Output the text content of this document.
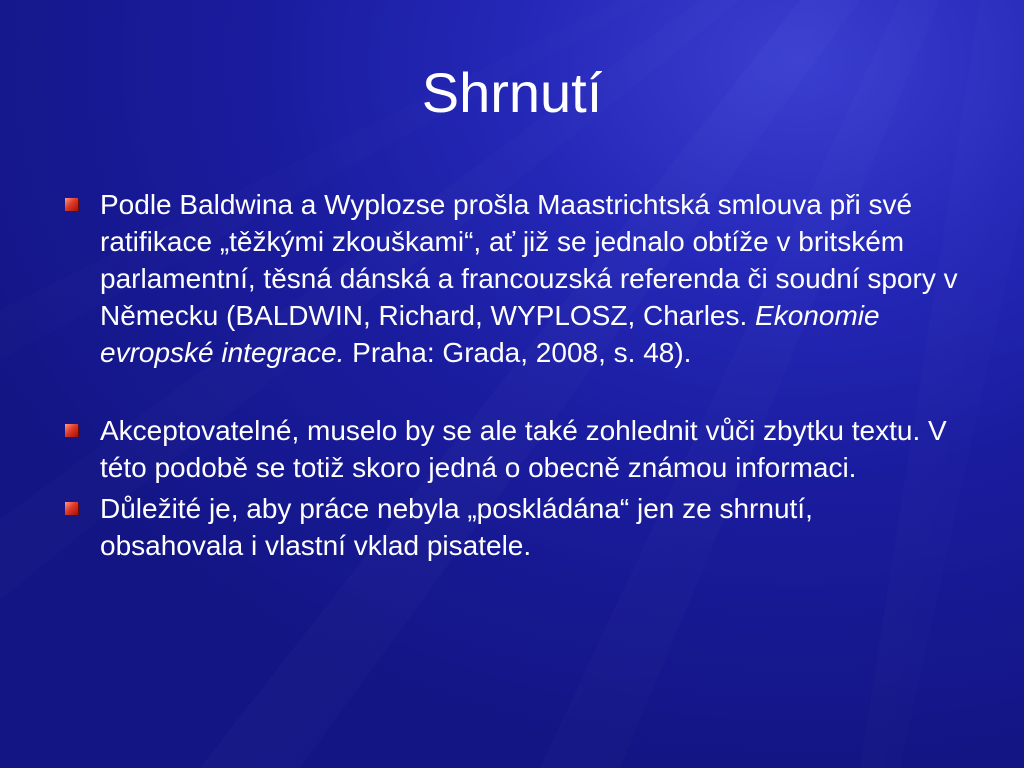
Shrnutí
Podle Baldwina a Wyplozse prošla Maastrichtská smlouva při své ratifikace „těžkými zkouškami“, ať již se jednalo obtíže v britském parlamentní, těsná dánská a francouzská referenda či soudní spory v Německu (BALDWIN, Richard, WYPLOSZ, Charles. Ekonomie evropské integrace. Praha: Grada, 2008, s. 48).
Akceptovatelné, muselo by se ale také zohlednit vůči zbytku textu. V této podobě se totiž skoro jedná o obecně známou informaci.
Důležité je, aby práce nebyla „poskládána“ jen ze shrnutí, obsahovala i vlastní vklad pisatele.
